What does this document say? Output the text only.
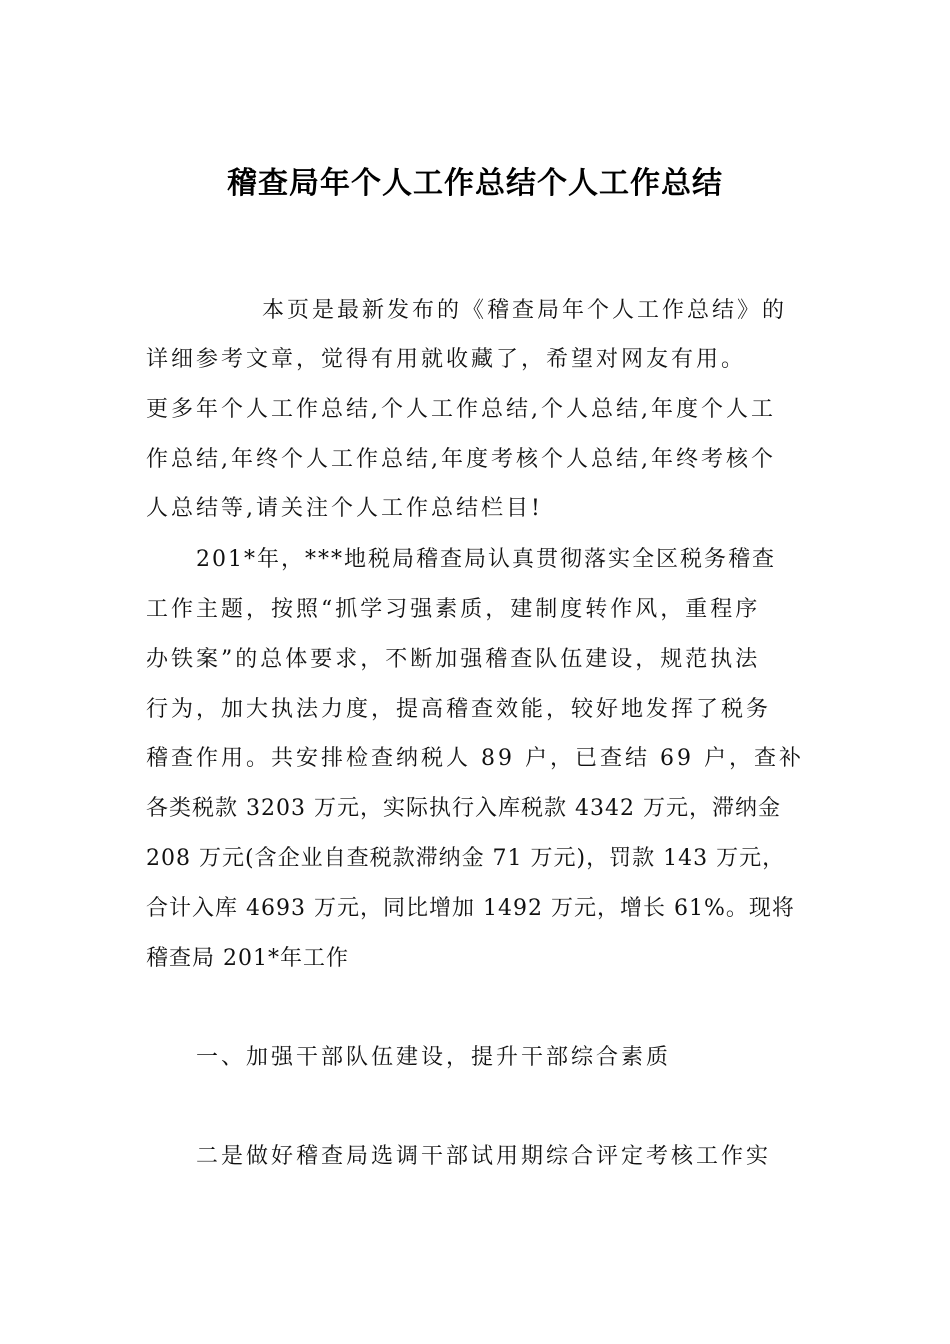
稽查局年个人工作总结个人工作总结

本页是最新发布的《稽查局年个人工作总结》的

详细参考文章，觉得有用就收藏了，希望对网友有用。

更多年个人工作总结,个人工作总结,个人总结,年度个人工

作总结,年终个人工作总结,年度考核个人总结,年终考核个

人总结等,请关注个人工作总结栏目!

201*年，***地税局稽查局认真贯彻落实全区税务稽查

工作主题，按照“抓学习强素质，建制度转作风，重程序

办铁案”的总体要求，不断加强稽查队伍建设，规范执法

行为，加大执法力度，提高稽查效能，较好地发挥了税务

稽查作用。共安排检查纳税人 89 户，已查结 69 户，查补

各类税款 3203 万元，实际执行入库税款 4342 万元，滞纳金

208 万元(含企业自查税款滞纳金 71 万元)，罚款 143 万元，

合计入库 4693 万元，同比增加 1492 万元，增长 61%。现将

稽查局 201*年工作

一、加强干部队伍建设，提升干部综合素质

二是做好稽查局选调干部试用期综合评定考核工作实
